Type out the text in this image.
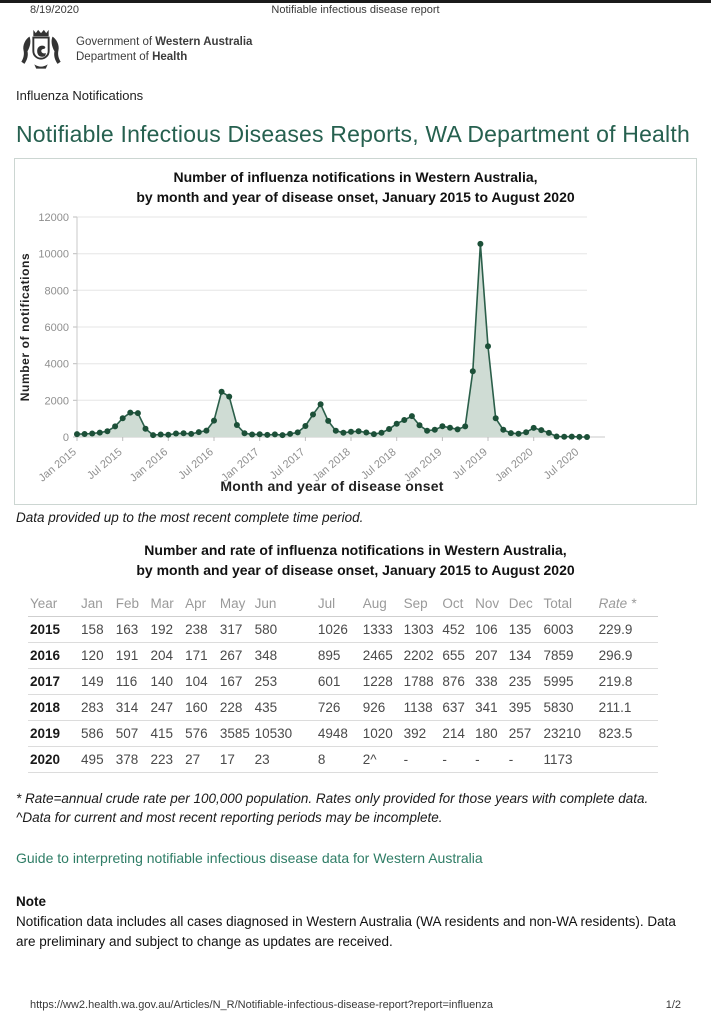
8/19/2020	Notifiable infectious disease report
Government of Western Australia
Department of Health
Influenza Notifications
Notifiable Infectious Diseases Reports, WA Department of Health
Number of influenza notifications in Western Australia,
by month and year of disease onset, January 2015 to August 2020
0
2000
4000
6000
8000
10000
12000
Jan 2015 Jul 2015 Jan 2016 Jul 2016 Jan 2017 Jul 2017 Jan 2018 Jul 2018 Jan 2019 Jul 2019 Jan 2020 Jul 2020
Number of notifications
Month and year of disease onset
Data provided up to the most recent complete time period.
Number and rate of influenza notifications in Western Australia,
by month and year of disease onset, January 2015 to August 2020
Year	Jan	Feb	Mar	Apr	May	Jun	Jul	Aug	Sep	Oct	Nov	Dec	Total	Rate *
2015	158	163	192	238	317	580	1026	1333	1303	452	106	135	6003	229.9
2016	120	191	204	171	267	348	895	2465	2202	655	207	134	7859	296.9
2017	149	116	140	104	167	253	601	1228	1788	876	338	235	5995	219.8
2018	283	314	247	160	228	435	726	926	1138	637	341	395	5830	211.1
2019	586	507	415	576	3585	10530	4948	1020	392	214	180	257	23210	823.5
2020	495	378	223	27	17	23	8	2^	-	-	-	-	1173	
* Rate=annual crude rate per 100,000 population. Rates only provided for those years with complete data.
^Data for current and most recent reporting periods may be incomplete.
Guide to interpreting notifiable infectious disease data for Western Australia
Note
Notification data includes all cases diagnosed in Western Australia (WA residents and non-WA residents). Data are preliminary and subject to change as updates are received.
https://ww2.health.wa.gov.au/Articles/N_R/Notifiable-infectious-disease-report?report=influenza	1/2
